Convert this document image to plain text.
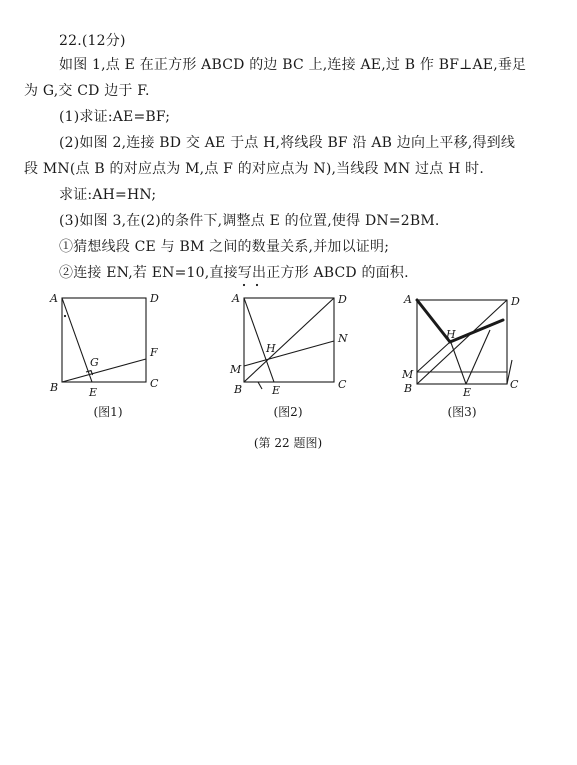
22.(12分)
如图 1,点 E 在正方形 ABCD 的边 BC 上,连接 AE,过 B 作 BF⊥AE,垂足
为 G,交 CD 边于 F.
(1)求证:AE=BF;
(2)如图 2,连接 BD 交 AE 于点 H,将线段 BF 沿 AB 边向上平移,得到线
段 MN(点 B 的对应点为 M,点 F 的对应点为 N),当线段 MN 过点 H 时.
求证:AH=HN;
(3)如图 3,在(2)的条件下,调整点 E 的位置,使得 DN=2BM.
①猜想线段 CE 与 BM 之间的数量关系,并加以证明;
②连接 EN,若 EN=10,直接写出正方形 ABCD 的面积.
A	D
B	C
E
F
G
(图1)
A	D
N
H
M
B	E	C
(图2)
A	D
H
M
B	E
C
(图3)
(第 22 题图)
